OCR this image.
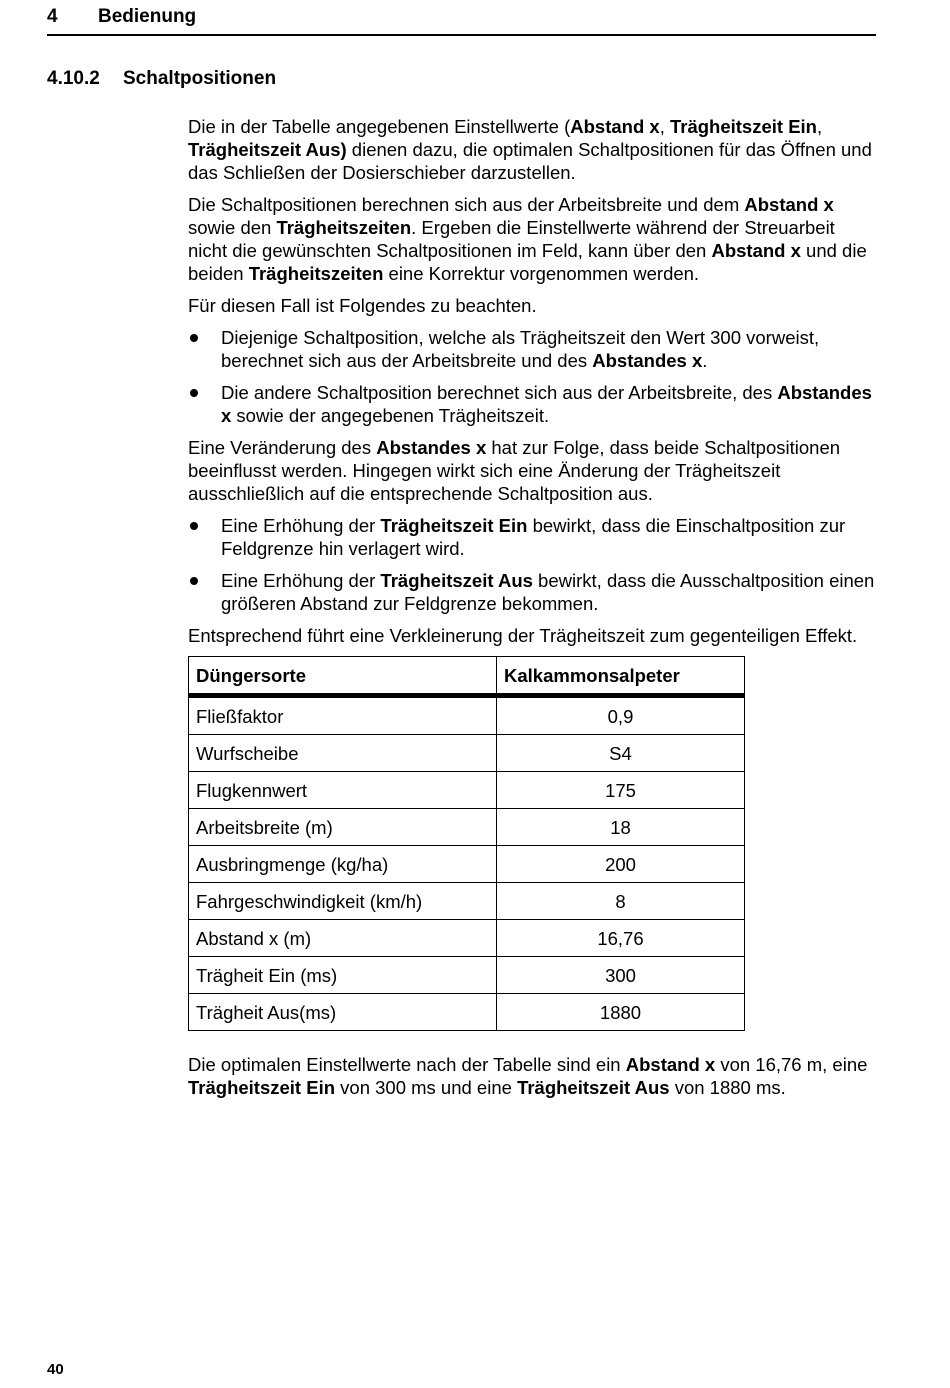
4 Bedienung
4.10.2 Schaltpositionen

Die in der Tabelle angegebenen Einstellwerte (Abstand x, Trägheitszeit Ein, Trägheitszeit Aus) dienen dazu, die optimalen Schaltpositionen für das Öffnen und das Schließen der Dosierschieber darzustellen.

Die Schaltpositionen berechnen sich aus der Arbeitsbreite und dem Abstand x sowie den Trägheitszeiten. Ergeben die Einstellwerte während der Streuarbeit nicht die gewünschten Schaltpositionen im Feld, kann über den Abstand x und die beiden Trägheitszeiten eine Korrektur vorgenommen werden.

Für diesen Fall ist Folgendes zu beachten.

Diejenige Schaltposition, welche als Trägheitszeit den Wert 300 vorweist, berechnet sich aus der Arbeitsbreite und des Abstandes x.
Die andere Schaltposition berechnet sich aus der Arbeitsbreite, des Abstandes x sowie der angegebenen Trägheitszeit.

Eine Veränderung des Abstandes x hat zur Folge, dass beide Schaltpositionen beeinflusst werden. Hingegen wirkt sich eine Änderung der Trägheitszeit ausschließlich auf die entsprechende Schaltposition aus.

Eine Erhöhung der Trägheitszeit Ein bewirkt, dass die Einschaltposition zur Feldgrenze hin verlagert wird.
Eine Erhöhung der Trägheitszeit Aus bewirkt, dass die Ausschaltposition einen größeren Abstand zur Feldgrenze bekommen.

Entsprechend führt eine Verkleinerung der Trägheitszeit zum gegenteiligen Effekt.

Düngersorte	Kalkammonsalpeter
Fließfaktor	0,9
Wurfscheibe	S4
Flugkennwert	175
Arbeitsbreite (m)	18
Ausbringmenge (kg/ha)	200
Fahrgeschwindigkeit (km/h)	8
Abstand x (m)	16,76
Trägheit Ein (ms)	300
Trägheit Aus(ms)	1880

Die optimalen Einstellwerte nach der Tabelle sind ein Abstand x von 16,76 m, eine Trägheitszeit Ein von 300 ms und eine Trägheitszeit Aus von 1880 ms.

40
